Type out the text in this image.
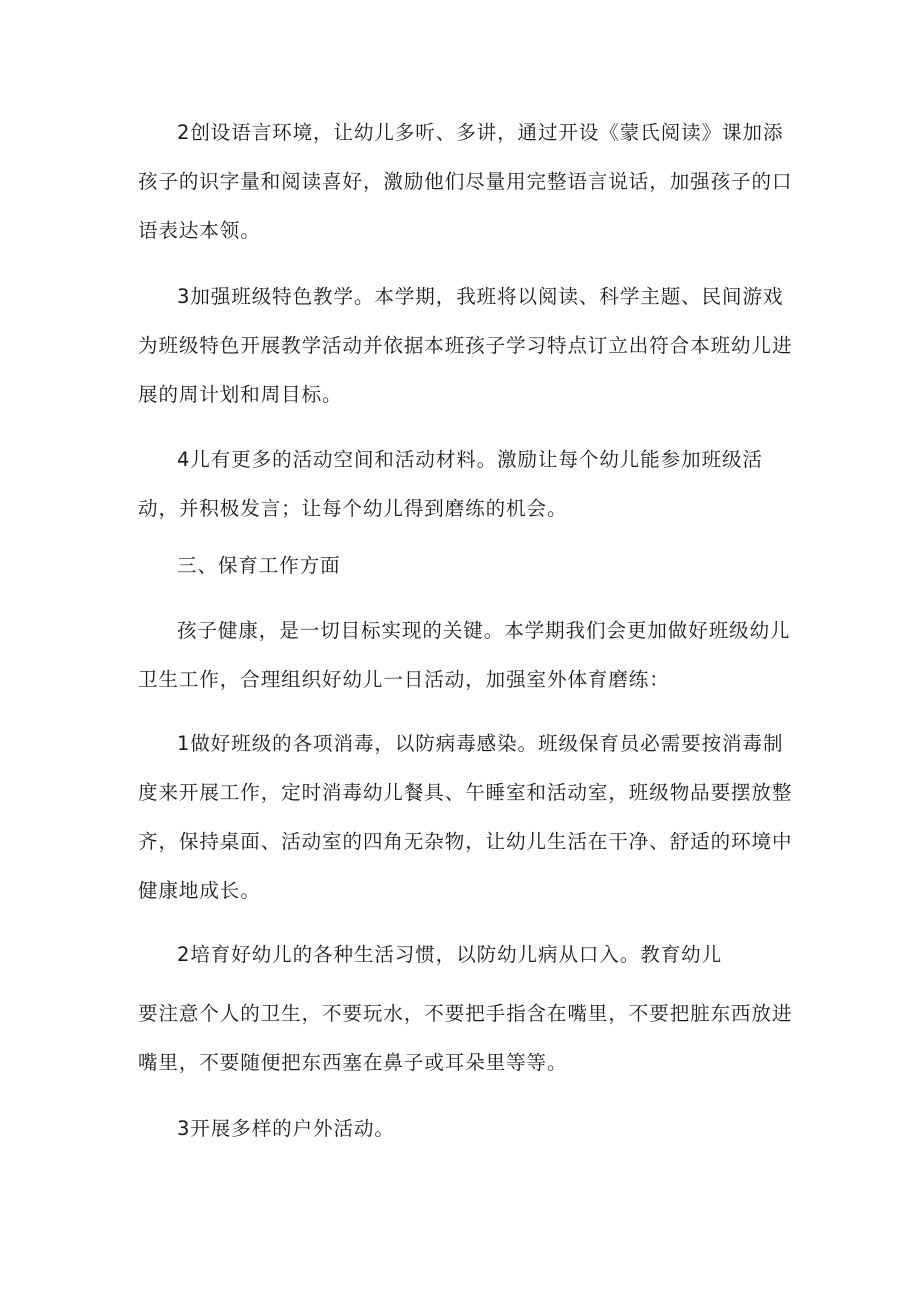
2创设语言环境，让幼儿多听、多讲，通过开设《蒙氏阅读》课加添
孩子的识字量和阅读喜好，激励他们尽量用完整语言说话，加强孩子的口
语表达本领。
3加强班级特色教学。本学期，我班将以阅读、科学主题、民间游戏
为班级特色开展教学活动并依据本班孩子学习特点订立出符合本班幼儿进
展的周计划和周目标。
4儿有更多的活动空间和活动材料。激励让每个幼儿能参加班级活
动，并积极发言；让每个幼儿得到磨练的机会。
三、保育工作方面
孩子健康，是一切目标实现的关键。本学期我们会更加做好班级幼儿
卫生工作，合理组织好幼儿一日活动，加强室外体育磨练：
1做好班级的各项消毒，以防病毒感染。班级保育员必需要按消毒制
度来开展工作，定时消毒幼儿餐具、午睡室和活动室，班级物品要摆放整
齐，保持桌面、活动室的四角无杂物，让幼儿生活在干净、舒适的环境中
健康地成长。
2培育好幼儿的各种生活习惯，以防幼儿病从口入。教育幼儿
要注意个人的卫生，不要玩水，不要把手指含在嘴里，不要把脏东西放进
嘴里，不要随便把东西塞在鼻子或耳朵里等等。
3开展多样的户外活动。
